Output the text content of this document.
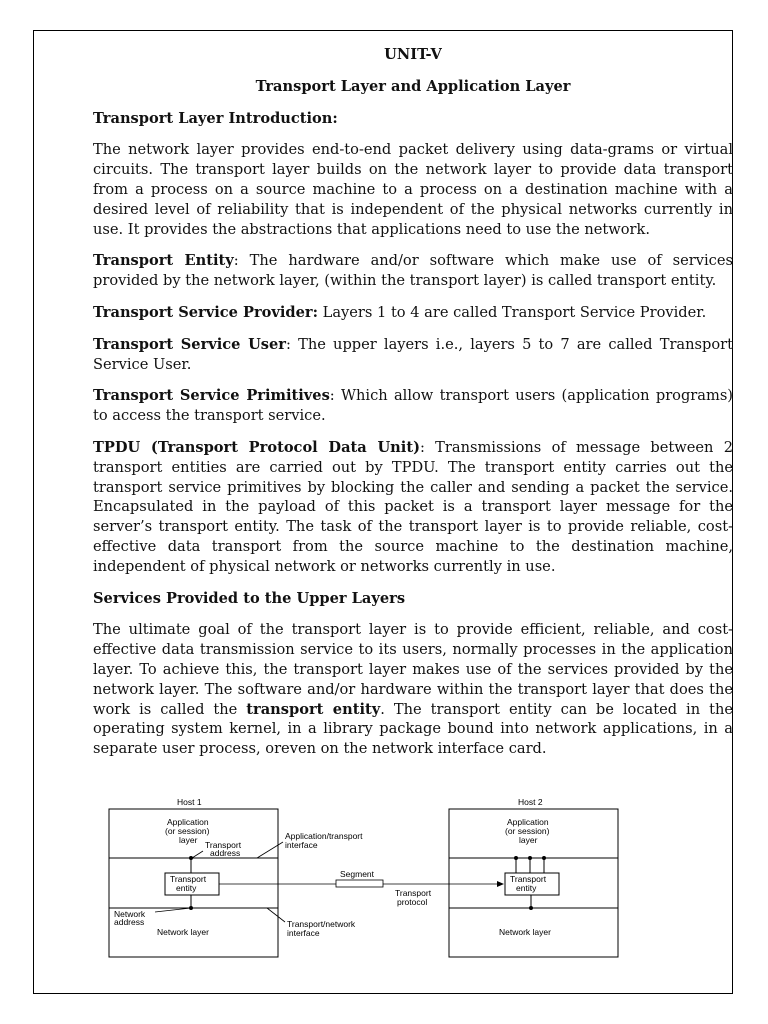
UNIT-V
Transport Layer and Application Layer
Transport Layer Introduction:

The network layer provides end-to-end packet delivery using data-grams or virtual circuits. The transport layer builds on the network layer to provide data transport from a process on a source machine to a process on a destination machine with a desired level of reliability that is independent of the physical networks currently in use. It provides the abstractions that applications need to use the network.

Transport Entity: The hardware and/or software which make use of services provided by the network layer, (within the transport layer) is called transport entity.

Transport Service Provider: Layers 1 to 4 are called Transport Service Provider.

Transport Service User: The upper layers i.e., layers 5 to 7 are called Transport Service User.

Transport Service Primitives: Which allow transport users (application programs) to access the transport service.

TPDU (Transport Protocol Data Unit): Transmissions of message between 2 transport entities are carried out by TPDU. The transport entity carries out the transport service primitives by blocking the caller and sending a packet the service. Encapsulated in the payload of this packet is a transport layer message for the server’s transport entity. The task of the transport layer is to provide reliable, cost-effective data transport from the source machine to the destination machine, independent of physical network or networks currently in use.

Services Provided to the Upper Layers

The ultimate goal of the transport layer is to provide efficient, reliable, and cost-effective data transmission service to its users, normally processes in the application layer. To achieve this, the transport layer makes use of the services provided by the network layer. The software and/or hardware within the transport layer that does the work is called the transport entity. The transport entity can be located in the operating system kernel, in a library package bound into network applications, in a separate user process, oreven on the network interface card.

Host 1	Host 2
Application
(or session)
layer Transport
address
Transport
entity
Network
address
Network layer
Application/transport
interface
Segment
Transport
protocol
Transport/network
interface
Application
(or session)
layer
Transport
entity
Network layer
